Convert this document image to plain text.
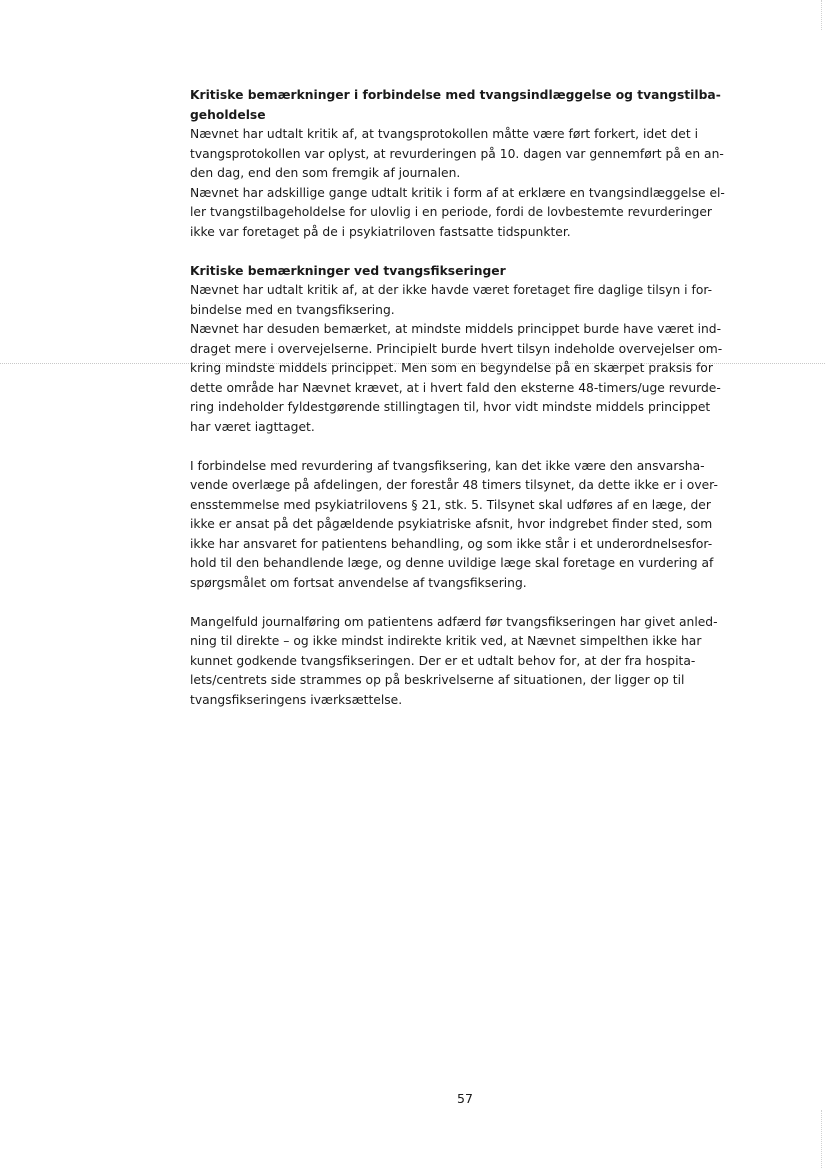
Kritiske bemærkninger i forbindelse med tvangsindlæggelse og tvangstilba-
geholdelse
Nævnet har udtalt kritik af, at tvangsprotokollen måtte være ført forkert, idet det i
tvangsprotokollen var oplyst, at revurderingen på 10. dagen var gennemført på en an-
den dag, end den som fremgik af journalen.
Nævnet har adskillige gange udtalt kritik i form af at erklære en tvangsindlæggelse el-
ler tvangstilbageholdelse for ulovlig i en periode, fordi de lovbestemte revurderinger
ikke var foretaget på de i psykiatriloven fastsatte tidspunkter.
Kritiske bemærkninger ved tvangsfikseringer
Nævnet har udtalt kritik af, at der ikke havde været foretaget fire daglige tilsyn i for-
bindelse med en tvangsfiksering.
Nævnet har desuden bemærket, at mindste middels princippet burde have været ind-
draget mere i overvejelserne. Principielt burde hvert tilsyn indeholde overvejelser om-
kring mindste middels princippet. Men som en begyndelse på en skærpet praksis for
dette område har Nævnet krævet, at i hvert fald den eksterne 48-timers/uge revurde-
ring indeholder fyldestgørende stillingtagen til, hvor vidt mindste middels princippet
har været iagttaget.
I forbindelse med revurdering af tvangsfiksering, kan det ikke være den ansvarsha-
vende overlæge på afdelingen, der forestår 48 timers tilsynet, da dette ikke er i over-
ensstemmelse med psykiatrilovens § 21, stk. 5. Tilsynet skal udføres af en læge, der
ikke er ansat på det pågældende psykiatriske afsnit, hvor indgrebet finder sted, som
ikke har ansvaret for patientens behandling, og som ikke står i et underordnelsesfor-
hold til den behandlende læge, og denne uvildige læge skal foretage en vurdering af
spørgsmålet om fortsat anvendelse af tvangsfiksering.
Mangelfuld journalføring om patientens adfærd før tvangsfikseringen har givet anled-
ning til direkte – og ikke mindst indirekte kritik ved, at Nævnet simpelthen ikke har
kunnet godkende tvangsfikseringen. Der er et udtalt behov for, at der fra hospita-
lets/centrets side strammes op på beskrivelserne af situationen, der ligger op til
tvangsfikseringens iværksættelse.
57
